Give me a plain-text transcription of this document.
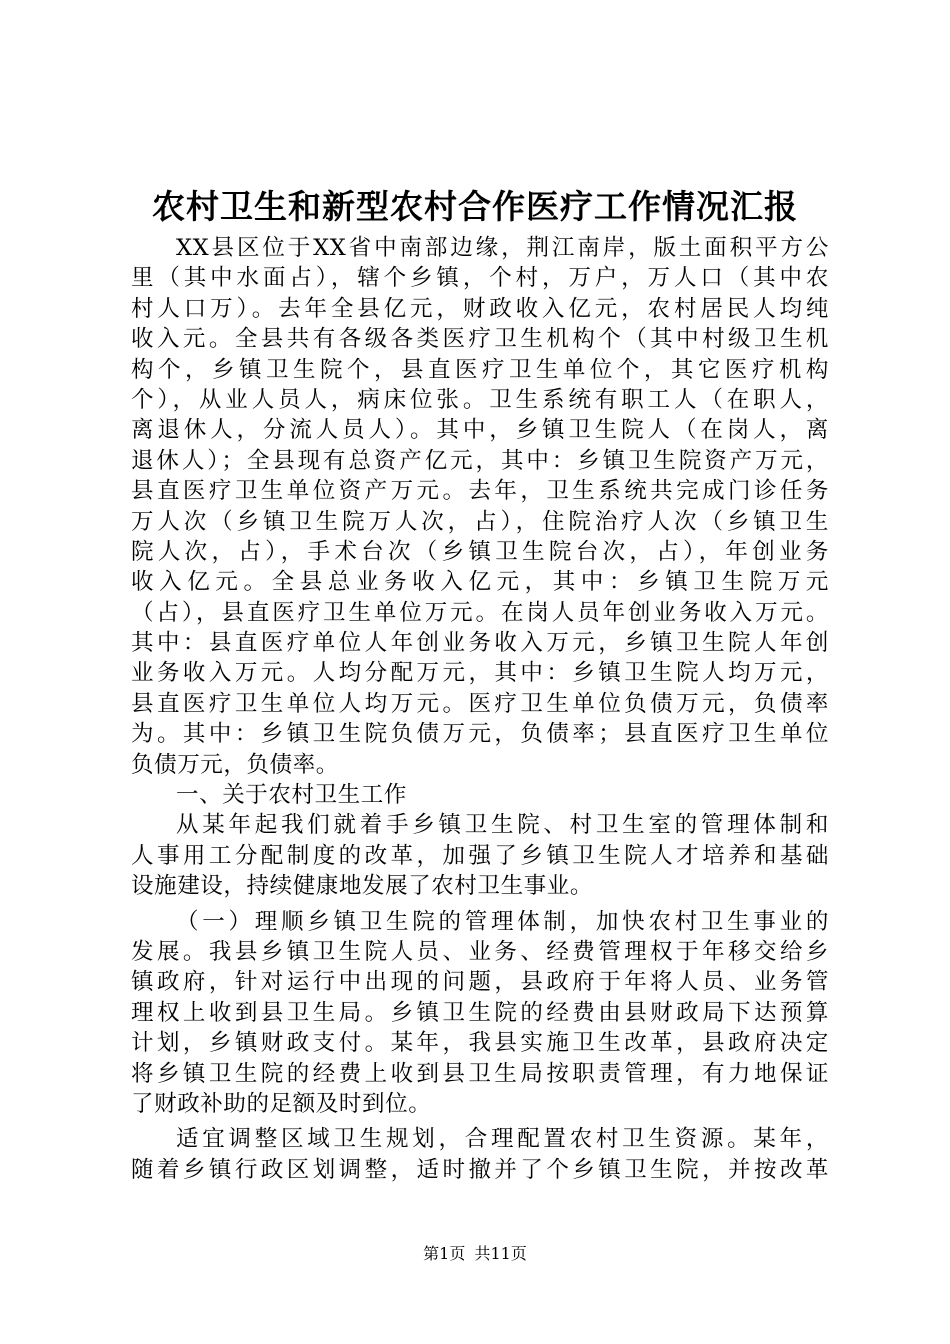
农村卫生和新型农村合作医疗工作情况汇报
XX县区位于XX省中南部边缘，荆江南岸，版土面积平方公
里（其中水面占），辖个乡镇，个村，万户，万人口（其中农
村人口万）。去年全县亿元，财政收入亿元，农村居民人均纯
收入元。全县共有各级各类医疗卫生机构个（其中村级卫生机
构个，乡镇卫生院个，县直医疗卫生单位个，其它医疗机构
个），从业人员人，病床位张。卫生系统有职工人（在职人，
离退休人，分流人员人）。其中，乡镇卫生院人（在岗人，离
退休人）；全县现有总资产亿元，其中：乡镇卫生院资产万元，
县直医疗卫生单位资产万元。去年，卫生系统共完成门诊任务
万人次（乡镇卫生院万人次，占），住院治疗人次（乡镇卫生
院人次，占），手术台次（乡镇卫生院台次，占），年创业务
收入亿元。全县总业务收入亿元，其中：乡镇卫生院万元
（占），县直医疗卫生单位万元。在岗人员年创业务收入万元。
其中：县直医疗单位人年创业务收入万元，乡镇卫生院人年创
业务收入万元。人均分配万元，其中：乡镇卫生院人均万元，
县直医疗卫生单位人均万元。医疗卫生单位负债万元，负债率
为。其中：乡镇卫生院负债万元，负债率；县直医疗卫生单位
负债万元，负债率。
一、关于农村卫生工作
从某年起我们就着手乡镇卫生院、村卫生室的管理体制和
人事用工分配制度的改革，加强了乡镇卫生院人才培养和基础
设施建设，持续健康地发展了农村卫生事业。
（一）理顺乡镇卫生院的管理体制，加快农村卫生事业的
发展。我县乡镇卫生院人员、业务、经费管理权于年移交给乡
镇政府，针对运行中出现的问题，县政府于年将人员、业务管
理权上收到县卫生局。乡镇卫生院的经费由县财政局下达预算
计划，乡镇财政支付。某年，我县实施卫生改革，县政府决定
将乡镇卫生院的经费上收到县卫生局按职责管理，有力地保证
了财政补助的足额及时到位。
适宜调整区域卫生规划，合理配置农村卫生资源。某年，
随着乡镇行政区划调整，适时撤并了个乡镇卫生院，并按改革
第1页 共11页
